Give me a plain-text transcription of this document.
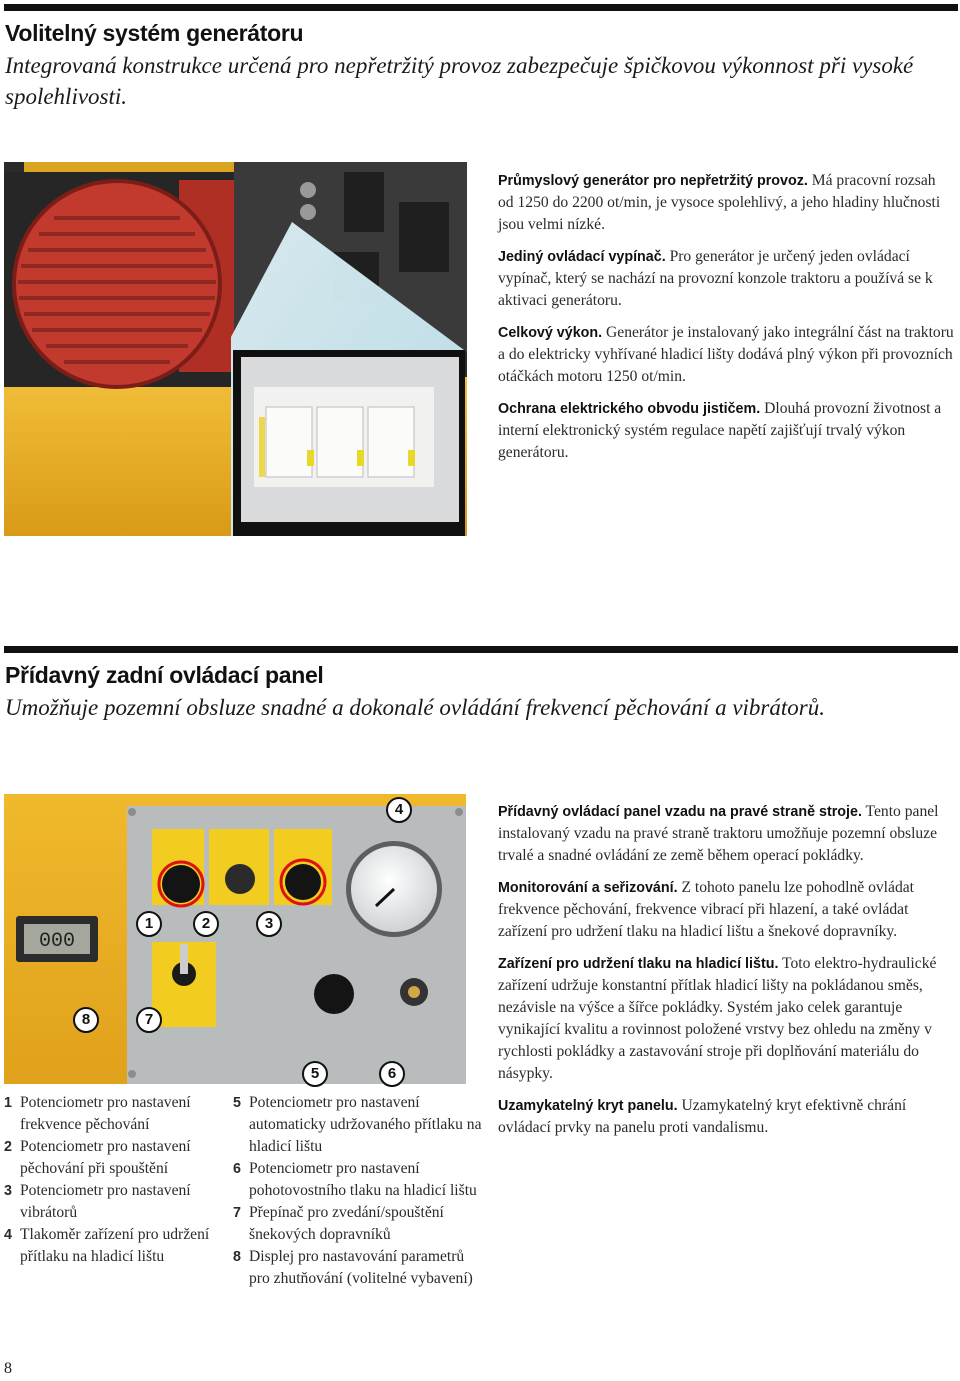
Volitelný systém generátoru

Integrovaná konstrukce určená pro nepřetržitý provoz zabezpečuje špičkovou výkonnost při vysoké spolehlivosti.

Průmyslový generátor pro nepřetržitý provoz. Má pracovní rozsah od 1250 do 2200 ot/min, je vysoce spolehlivý, a jeho hladiny hlučnosti jsou velmi nízké.

Jediný ovládací vypínač. Pro generátor je určený jeden ovládací vypínač, který se nachází na provozní konzole traktoru a používá se k aktivaci generátoru.

Celkový výkon. Generátor je instalovaný jako integrální část na traktoru a do elektricky vyhřívané hladicí lišty dodává plný výkon při provozních otáčkách motoru 1250 ot/min.

Ochrana elektrického obvodu jističem. Dlouhá provozní životnost a interní elektronický systém regulace napětí zajišťují trvalý výkon generátoru.

Přídavný zadní ovládací panel

Umožňuje pozemní obsluze snadné a dokonalé ovládání frekvencí pěchování a vibrátorů.

000
1	2	3
4
5	6
7
8

Přídavný ovládací panel vzadu na pravé straně stroje. Tento panel instalovaný vzadu na pravé straně traktoru umožňuje pozemní obsluze trvalé a snadné ovládání ze země během operací pokládky.

Monitorování a seřizování. Z tohoto panelu lze pohodlně ovládat frekvence pěchování, frekvence vibrací při hlazení, a také ovládat zařízení pro udržení tlaku na hladicí lištu a šnekové dopravníky.

Zařízení pro udržení tlaku na hladicí lištu. Toto elektro-hydraulické zařízení udržuje konstantní přítlak hladicí lišty na pokládanou směs, nezávisle na výšce a šířce pokládky. Systém jako celek garantuje vynikající kvalitu a rovinnost položené vrstvy bez ohledu na změny v rychlosti pokládky a zastavování stroje při doplňování materiálu do násypky.

Uzamykatelný kryt panelu. Uzamykatelný kryt efektivně chrání ovládací prvky na panelu proti vandalismu.

1 Potenciometr pro nastavení frekvence pěchování
2 Potenciometr pro nastavení pěchování při spouštění
3 Potenciometr pro nastavení vibrátorů
4 Tlakoměr zařízení pro udržení přítlaku na hladicí lištu
5 Potenciometr pro nastavení automaticky udržovaného přítlaku na hladicí lištu
6 Potenciometr pro nastavení pohotovostního tlaku na hladicí lištu
7 Přepínač pro zvedání/spouštění šnekových dopravníků
8 Displej pro nastavování parametrů pro zhutňování (volitelné vybavení)
8
